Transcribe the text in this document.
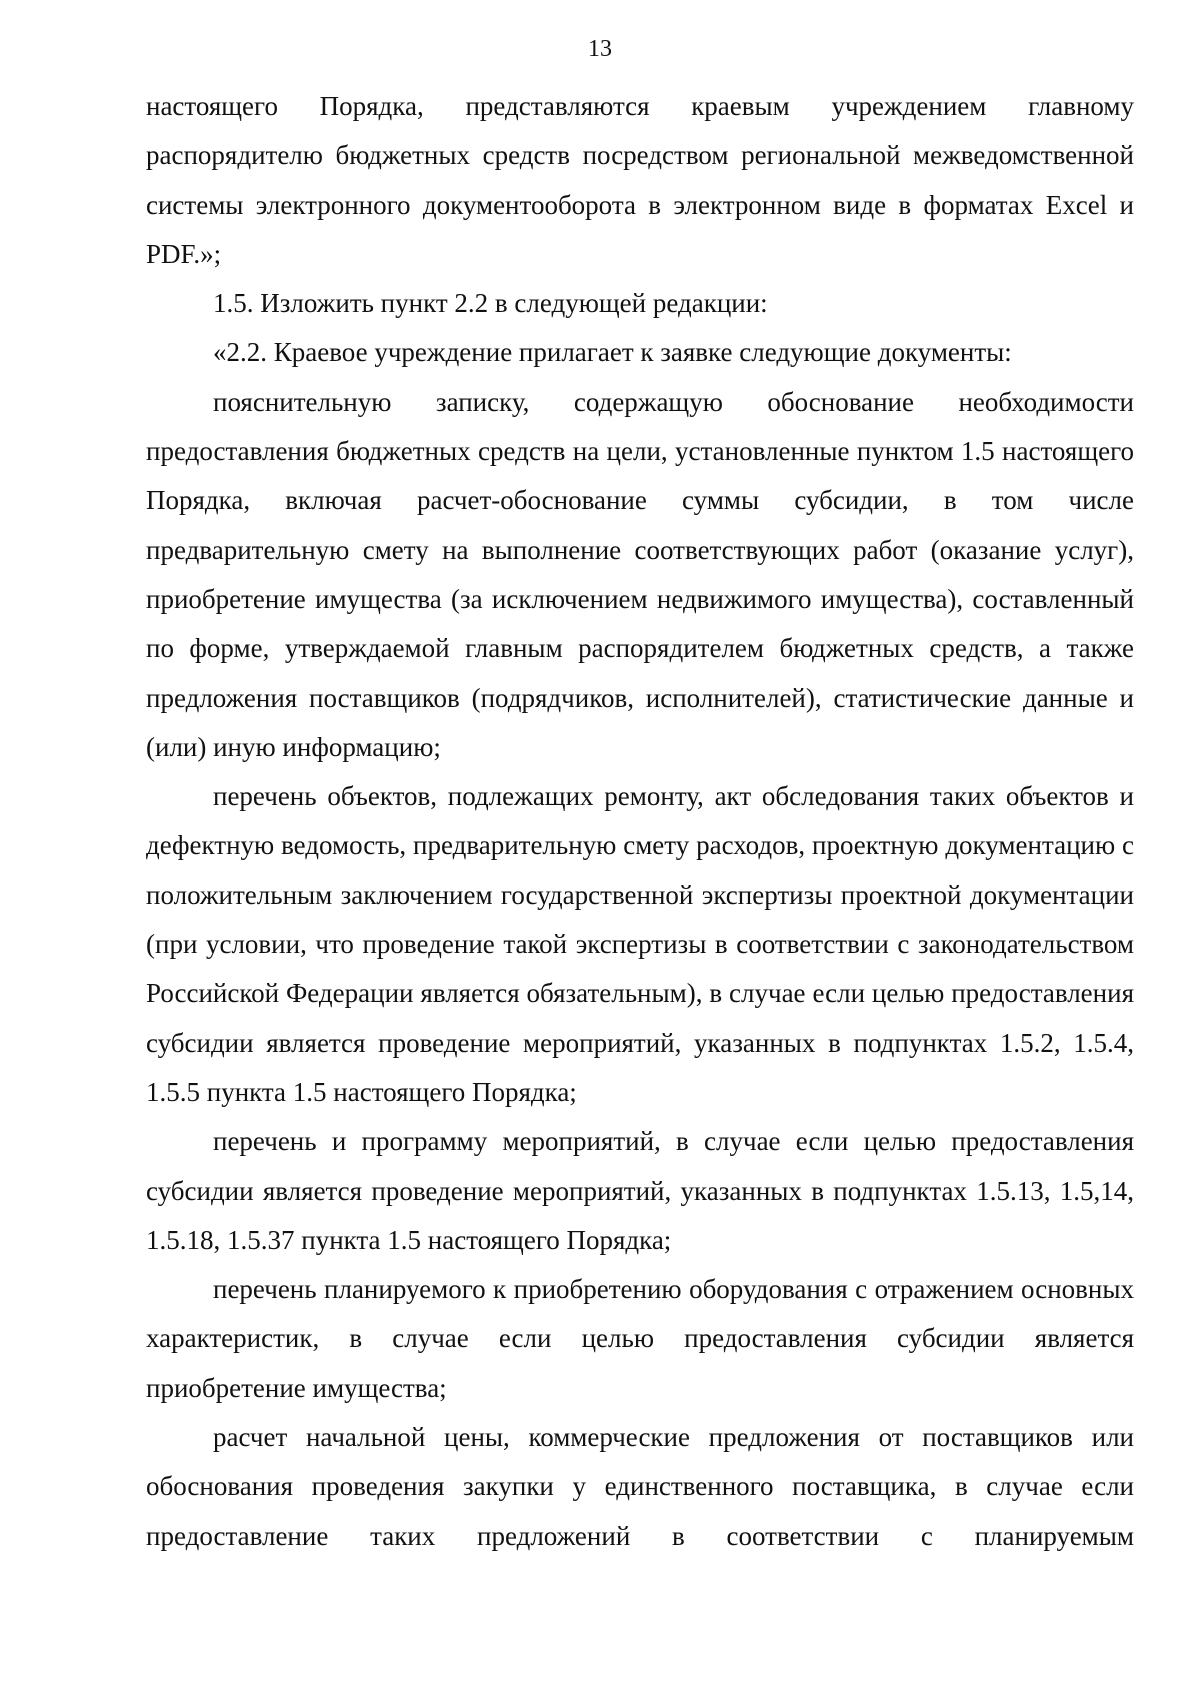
13

настоящего Порядка, представляются краевым учреждением главному распорядителю бюджетных средств посредством региональной межведомственной системы электронного документооборота в электронном виде в форматах Excel и PDF.»;

1.5. Изложить пункт 2.2 в следующей редакции:

«2.2. Краевое учреждение прилагает к заявке следующие документы:

пояснительную записку, содержащую обоснование необходимости предоставления бюджетных средств на цели, установленные пунктом 1.5 настоящего Порядка, включая расчет-обоснование суммы субсидии, в том числе предварительную смету на выполнение соответствующих работ (оказание услуг), приобретение имущества (за исключением недвижимого имущества), составленный по форме, утверждаемой главным распорядителем бюджетных средств, а также предложения поставщиков (подрядчиков, исполнителей), статистические данные и (или) иную информацию;

перечень объектов, подлежащих ремонту, акт обследования таких объектов и дефектную ведомость, предварительную смету расходов, проектную документацию с положительным заключением государственной экспертизы проектной документации (при условии, что проведение такой экспертизы в соответствии с законодательством Российской Федерации является обязательным), в случае если целью предоставления субсидии является проведение мероприятий, указанных в подпунктах 1.5.2, 1.5.4, 1.5.5 пункта 1.5 настоящего Порядка;

перечень и программу мероприятий, в случае если целью предоставления субсидии является проведение мероприятий, указанных в подпунктах 1.5.13, 1.5,14, 1.5.18, 1.5.37 пункта 1.5 настоящего Порядка;

перечень планируемого к приобретению оборудования с отражением основных характеристик, в случае если целью предоставления субсидии является приобретение имущества;

расчет начальной цены, коммерческие предложения от поставщиков или обоснования проведения закупки у единственного поставщика, в случае если предоставление таких предложений в соответствии с планируемым
